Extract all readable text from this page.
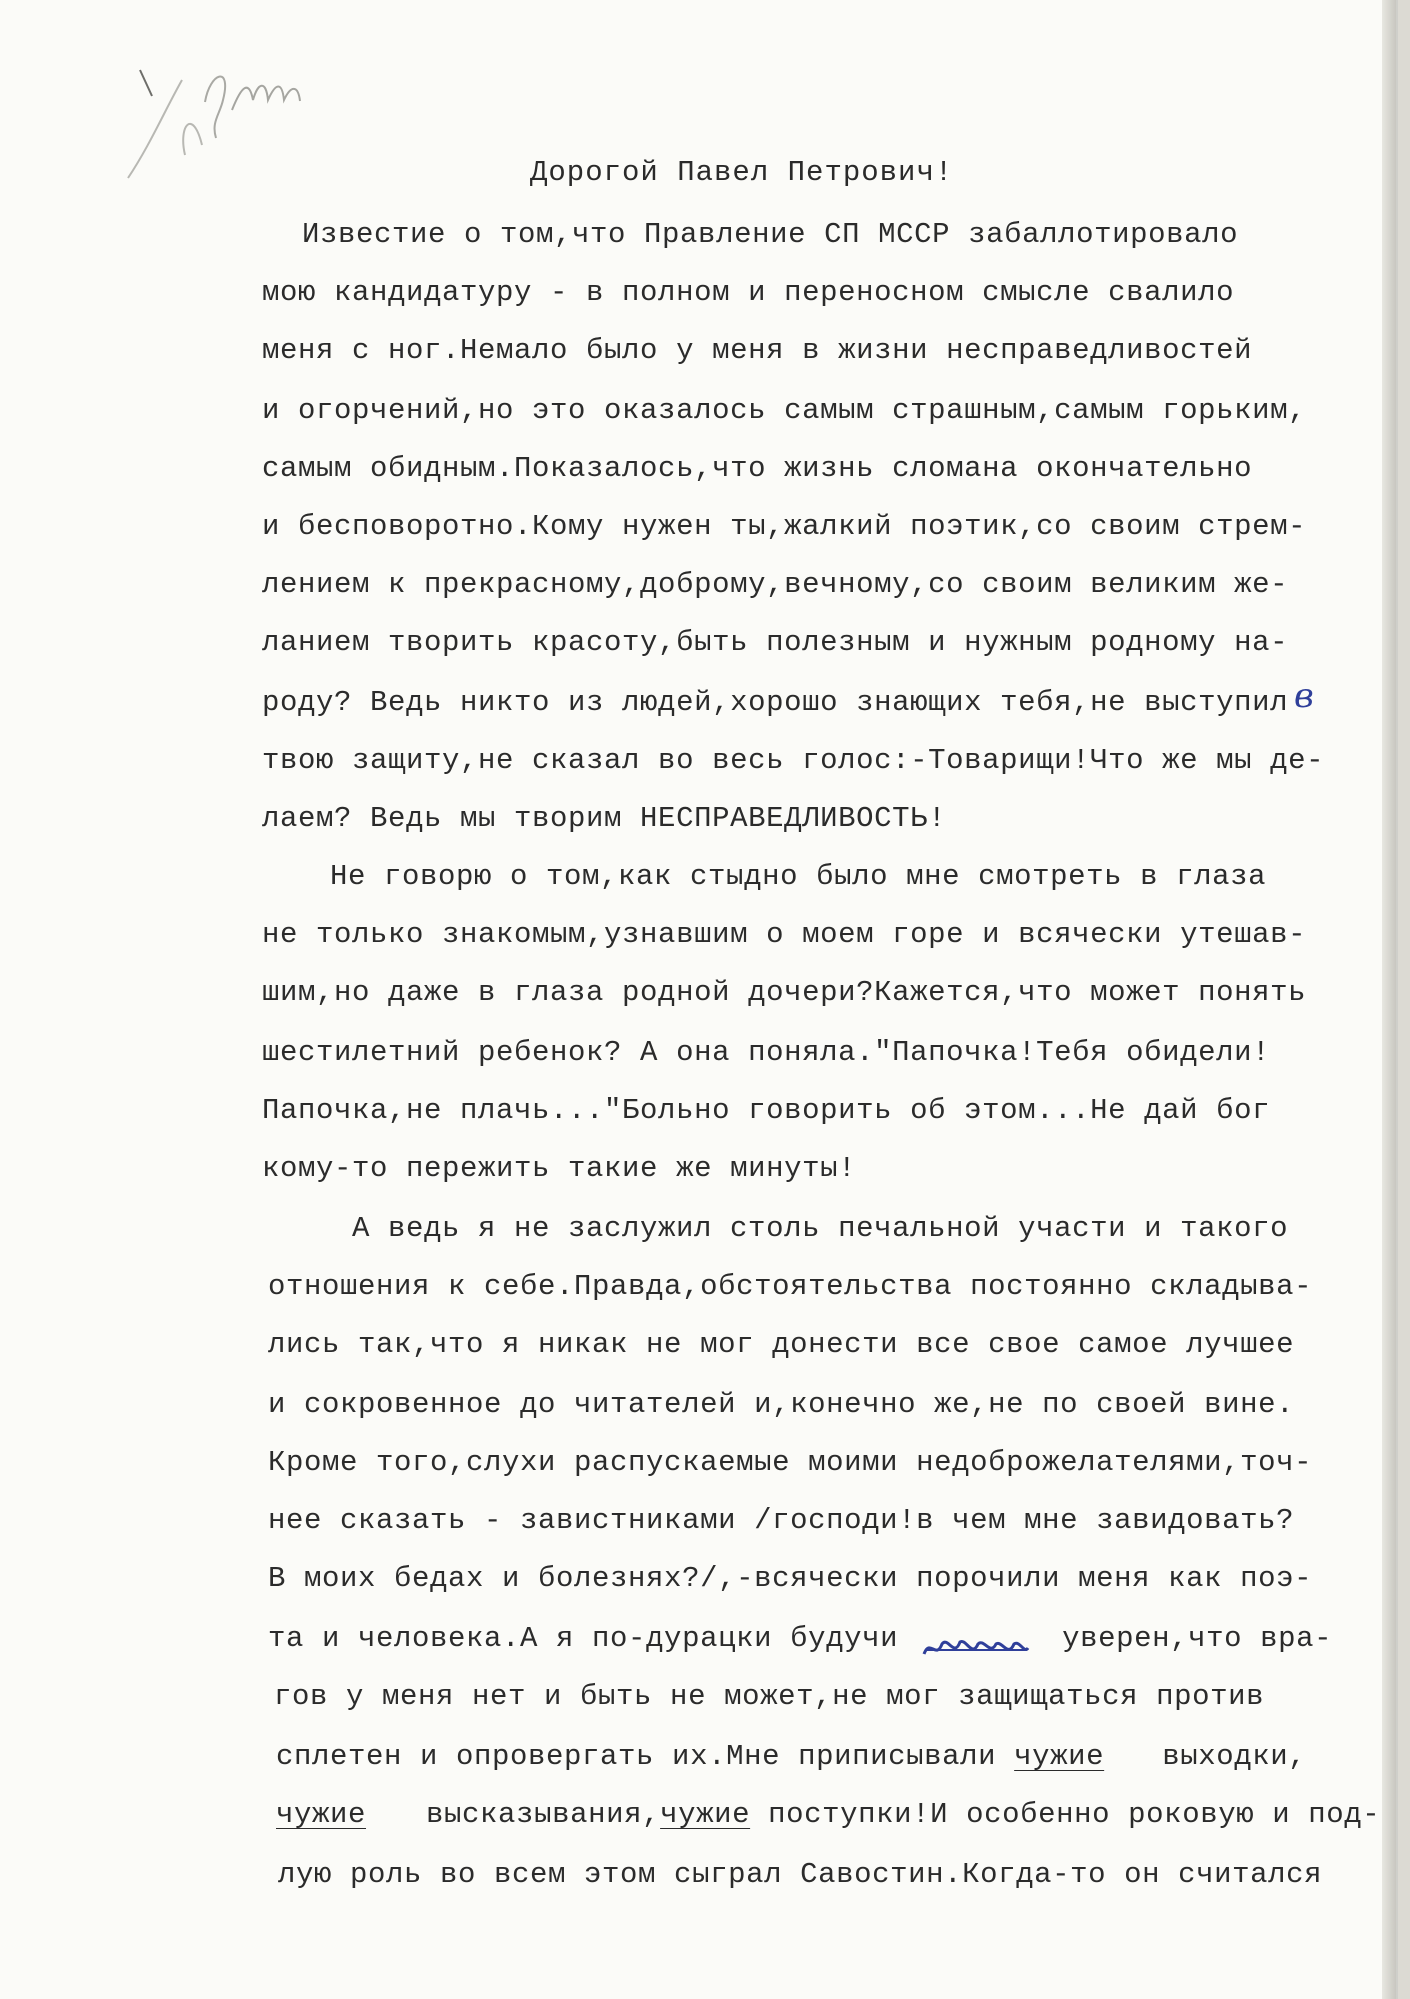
Дорогой Павел Петрович!
Известие о том,что Правление СП МССР забаллотировало
мою кандидатуру - в полном и переносном смысле свалило
меня с ног.Немало было у меня в жизни несправедливостей
и огорчений,но это оказалось самым страшным,самым горьким,
самым обидным.Показалось,что жизнь сломана окончательно
и бесповоротно.Кому нужен ты,жалкий поэтик,со своим стрем-
лением к прекрасному,доброму,вечному,со своим великим же-
ланием творить красоту,быть полезным и нужным родному на-
роду? Ведь никто из людей,хорошо знающих тебя,не выступил в
твою защиту,не сказал во весь голос:-Товарищи!Что же мы де-
лаем? Ведь мы творим НЕСПРАВЕДЛИВОСТЬ!
Не говорю о том,как стыдно было мне смотреть в глаза
не только знакомым,узнавшим о моем горе и всячески утешав-
шим,но даже в глаза родной дочери?Кажется,что может понять
шестилетний ребенок? А она поняла."Папочка!Тебя обидели!
Папочка,не плачь..."Больно говорить об этом...Не дай бог
кому-то пережить такие же минуты!
А ведь я не заслужил столь печальной участи и такого
отношения к себе.Правда,обстоятельства постоянно складыва-
лись так,что я никак не мог донести все свое самое лучшее
и сокровенное до читателей и,конечно же,не по своей вине.
Кроме того,слухи распускаемые моими недоброжелателями,точ-
нее сказать - завистниками /господи!в чем мне завидовать?
В моих бедах и болезнях?/,-всячески порочили меня как поэ-
та и человека.А я по-дурацки будучи	уверен,что вра-
гов у меня нет и быть не может,не мог защищаться против
сплетен и опровергать их.Мне приписывали чужие выходки,
чужие высказывания,чужие поступки!И особенно роковую и под-
лую роль во всем этом сыграл Савостин.Когда-то он считался
